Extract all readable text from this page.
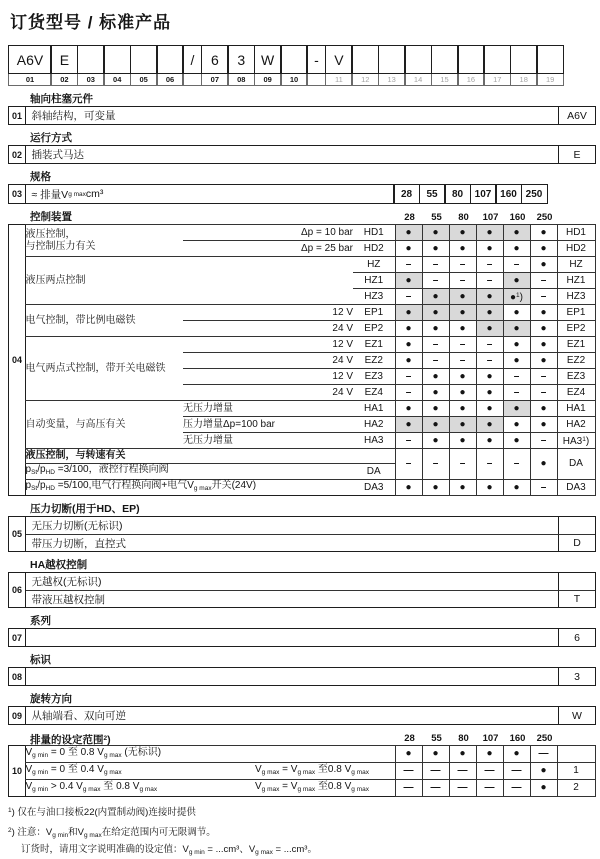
订货型号 / 标准产品
A6V
01
E
02	03	04	05	06
/	6
07
3
08
W
09	10
-	V
11	12	13	14	15	16	17	18	19
轴向柱塞元件
01 斜轴结构，可变量	A6V
运行方式
02 插装式马达	E
规格
03 ≈ 排量V g max cm³	28	55	80	107 160 250
控制装置	28	55	80	107	160	250
04
液压控制，
与控制压力有关	Δp = 10 bar	HD1	●	●	●	●	●	●	HD1
	Δp = 25 bar	HD2	●	●	●	●	●	●	HD2
液压两点控制		HZ	–	–	–	–	–	●	HZ
		HZ1	●	–	–	–	●	–	HZ1
		HZ3	–	●	●	●	●$^1$)	–	HZ3
电气控制，带比例电磁铁	12 V	EP1	●	●	●	●	●	●	EP1
	24 V	EP2	●	●	●	●	●	●	EP2
电气两点式控制，带开关电磁铁	12 V	EZ1	●	–	–	–	●	●	EZ1
	24 V	EZ2	●	–	–	–	●	●	EZ2
	12 V	EZ3	–	●	●	●	–	–	EZ3
	24 V	EZ4	–	●	●	●	–	–	EZ4
自动变量，与高压有关	无压力增量	HA1	●	●	●	●	●	●	HA1
	压力增量Δp=100 bar	HA2	●	●	●	●	●	●	HA2
	无压力增量	HA3	–	●	●	●	●	–	$HA3^1$)
液压控制，与转速有关			–	–	–	–	–	●	DA
$p_{St}/p_{HD} =3/100$，液控行程换向阀		DA							
$p_{St}/p_{HD} =5/100$,电气行程换向阀+电气$V_{g max}$开关(24V)		DA3	●	●	●	●	●	–	DA3
压力切断(用于HD、EP)
05
无压力切断(无标识)
带压力切断，直控式	D
HA越权控制
06
无越权(无标识)
带液压越权控制	T
系列
07	6
标识
08	3
旋转方向
09 从轴端看、双向可逆	W
排量的设定范围$^2$)	28	55	80	107	160	250
10
$V_{g min} = 0$ 至 0.8 $V_{g max}$ (无标识)		●	●	●	●	●	—	
$V_{g min} = 0$ 至 0.4 $V_{g max}$	$V_{g max} = V_{g max}$ 至0.8 $V_{g max}$	—	—	—	—	—	●	1
$V_{g min} > 0.4$ $V_{g max}$ 至 0.8 $V_{g max}$	$V_{g max} = V_{g max}$ 至0.8 $V_{g max}$	—	—	—	—	—	●	2
$^1$) 仅在与油口接板22(内置制动阀)连接时提供
$^2$) 注意：$V_{g min}$和$V_{g max}$在给定范围内可无限调节。
订货时，请用文字说明准确的设定值：$V_{g min} = ...cm^3$、$V_{g max} = ...cm^3$。
